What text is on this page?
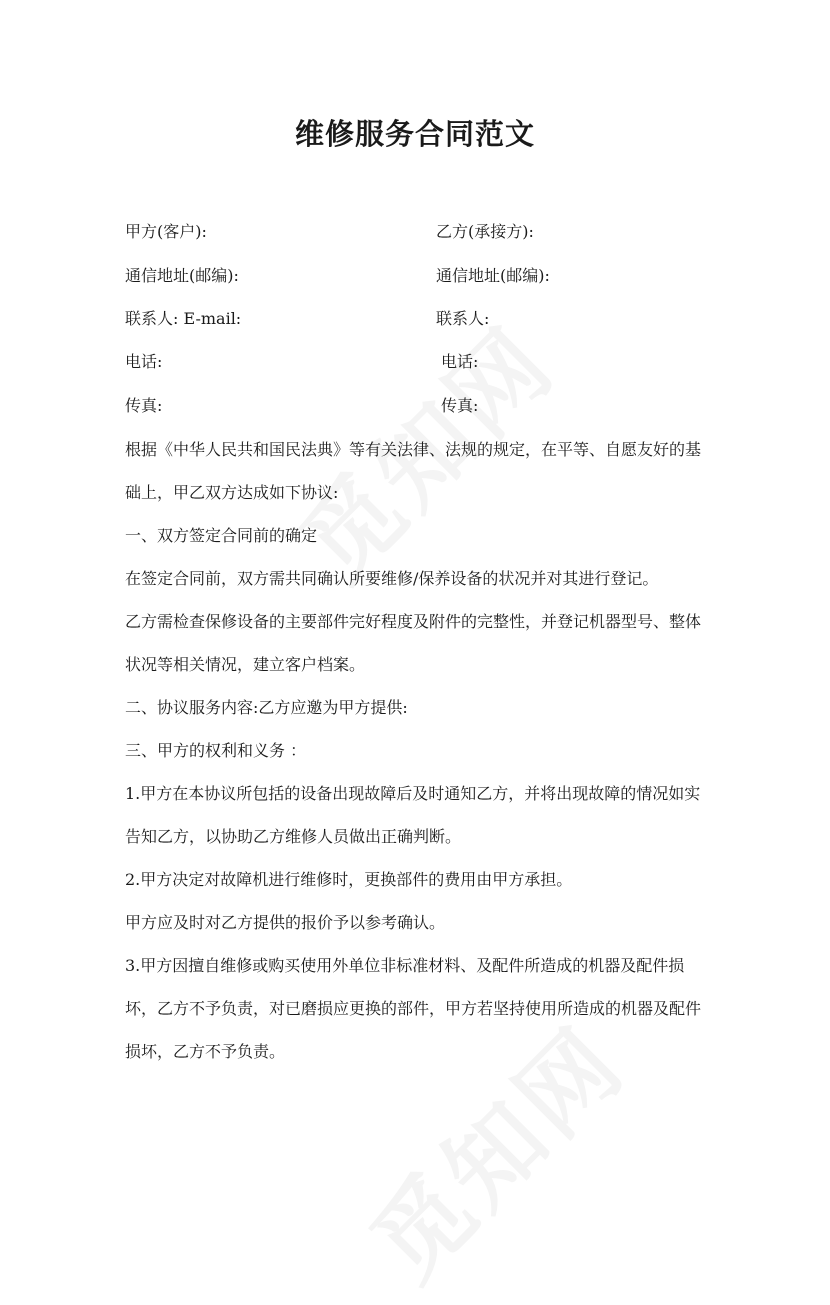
维修服务合同范文
甲方(客户):	乙方(承接方):
通信地址(邮编):	通信地址(邮编):
联系人: E-mail:	联系人:
电话:	电话:
传真:	传真:

根据《中华人民共和国民法典》等有关法律、法规的规定，在平等、自愿友好的基础上，甲乙双方达成如下协议:

一、双方签定合同前的确定

在签定合同前，双方需共同确认所要维修/保养设备的状况并对其进行登记。

乙方需检查保修设备的主要部件完好程度及附件的完整性，并登记机器型号、整体状况等相关情况，建立客户档案。

二、协议服务内容:乙方应邀为甲方提供:

三、甲方的权利和义务 ：

1.甲方在本协议所包括的设备出现故障后及时通知乙方，并将出现故障的情况如实告知乙方，以协助乙方维修人员做出正确判断。

2.甲方决定对故障机进行维修时，更换部件的费用由甲方承担。

甲方应及时对乙方提供的报价予以参考确认。

3.甲方因擅自维修或购买使用外单位非标准材料、及配件所造成的机器及配件损坏，乙方不予负责，对已磨损应更换的部件，甲方若坚持使用所造成的机器及配件损坏，乙方不予负责。
